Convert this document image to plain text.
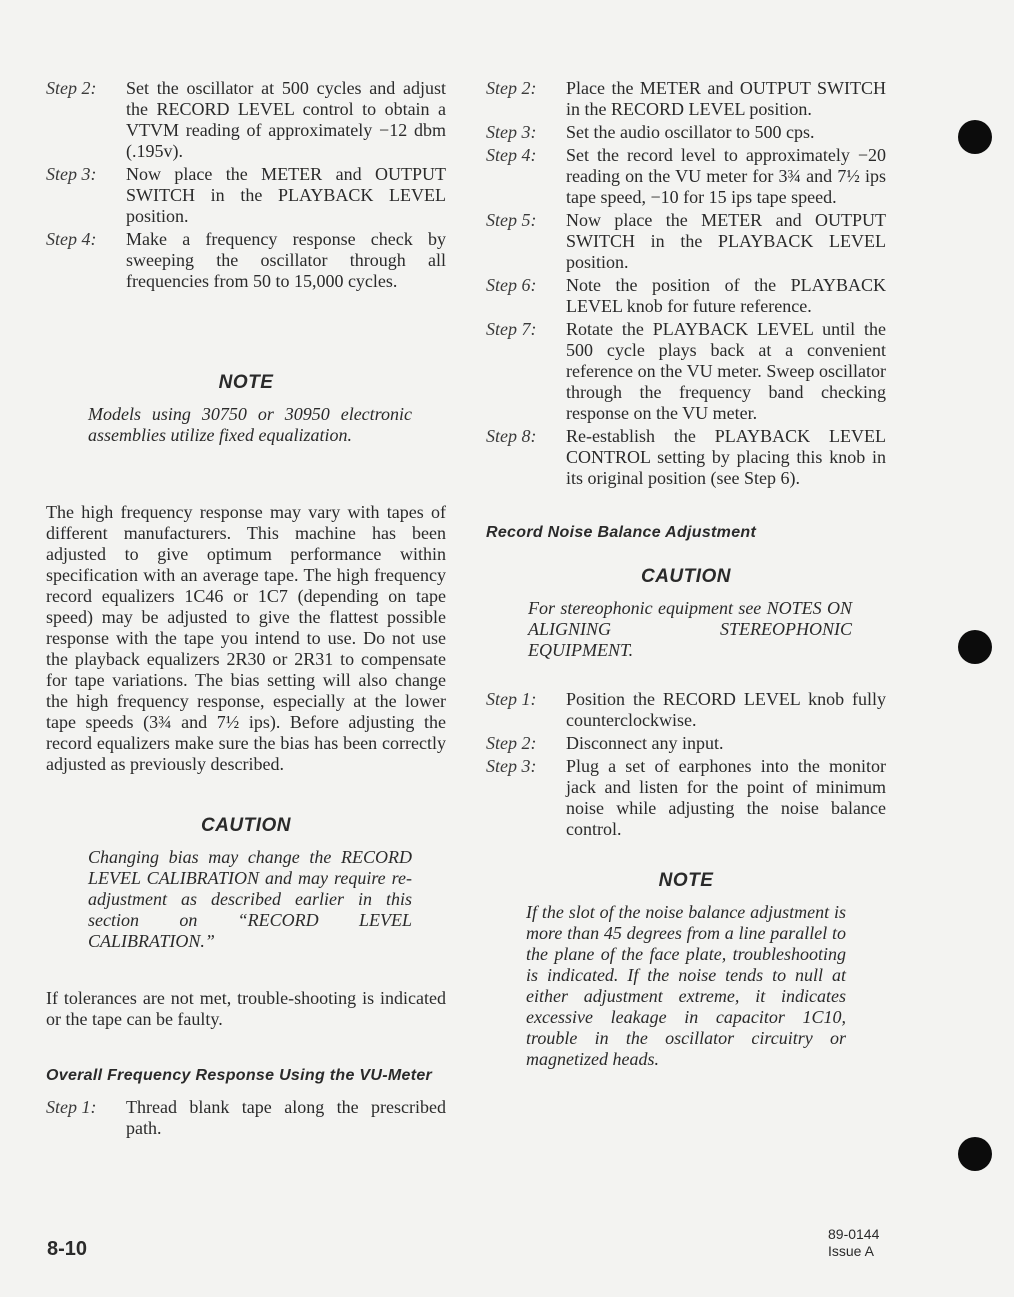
Step 2:	Set the oscillator at 500 cycles and adjust the RECORD LEVEL control to obtain a VTVM reading of approximately −12 dbm (.195v).
Step 3:	Now place the METER and OUTPUT SWITCH in the PLAYBACK LEVEL position.
Step 4:	Make a frequency response check by sweeping the oscillator through all frequencies from 50 to 15,000 cycles.
NOTE
Models using 30750 or 30950 electronic assemblies utilize fixed equalization.
The high frequency response may vary with tapes of different manufacturers. This machine has been adjusted to give optimum performance within specification with an average tape. The high frequency record equalizers 1C46 or 1C7 (depending on tape speed) may be adjusted to give the flattest possible response with the tape you intend to use. Do not use the playback equalizers 2R30 or 2R31 to compensate for tape variations. The bias setting will also change the high frequency response, especially at the lower tape speeds (3¾ and 7½ ips). Before adjusting the record equalizers make sure the bias has been correctly adjusted as previously described.
CAUTION
Changing bias may change the RECORD LEVEL CALIBRATION and may require re-adjustment as described earlier in this section on “RECORD LEVEL CALIBRATION.”
If tolerances are not met, trouble-shooting is indicated or the tape can be faulty.
Overall Frequency Response Using the VU-Meter
Step 1:	Thread blank tape along the prescribed path.
Step 2:	Place the METER and OUTPUT SWITCH in the RECORD LEVEL position.
Step 3:	Set the audio oscillator to 500 cps.
Step 4:	Set the record level to approximately −20 reading on the VU meter for 3¾ and 7½ ips tape speed, −10 for 15 ips tape speed.
Step 5:	Now place the METER and OUTPUT SWITCH in the PLAYBACK LEVEL position.
Step 6:	Note the position of the PLAYBACK LEVEL knob for future reference.
Step 7:	Rotate the PLAYBACK LEVEL until the 500 cycle plays back at a convenient reference on the VU meter. Sweep oscillator through the frequency band checking response on the VU meter.
Step 8:	Re-establish the PLAYBACK LEVEL CONTROL setting by placing this knob in its original position (see Step 6).
Record Noise Balance Adjustment
CAUTION
For stereophonic equipment see NOTES ON ALIGNING STEREOPHONIC EQUIPMENT.
Step 1:	Position the RECORD LEVEL knob fully counterclockwise.
Step 2:	Disconnect any input.
Step 3:	Plug a set of earphones into the monitor jack and listen for the point of minimum noise while adjusting the noise balance control.
NOTE
If the slot of the noise balance adjustment is more than 45 degrees from a line parallel to the plane of the face plate, troubleshooting is indicated. If the noise tends to null at either adjustment extreme, it indicates excessive leakage in capacitor 1C10, trouble in the oscillator circuitry or magnetized heads.
8-10
89-0144
Issue A
